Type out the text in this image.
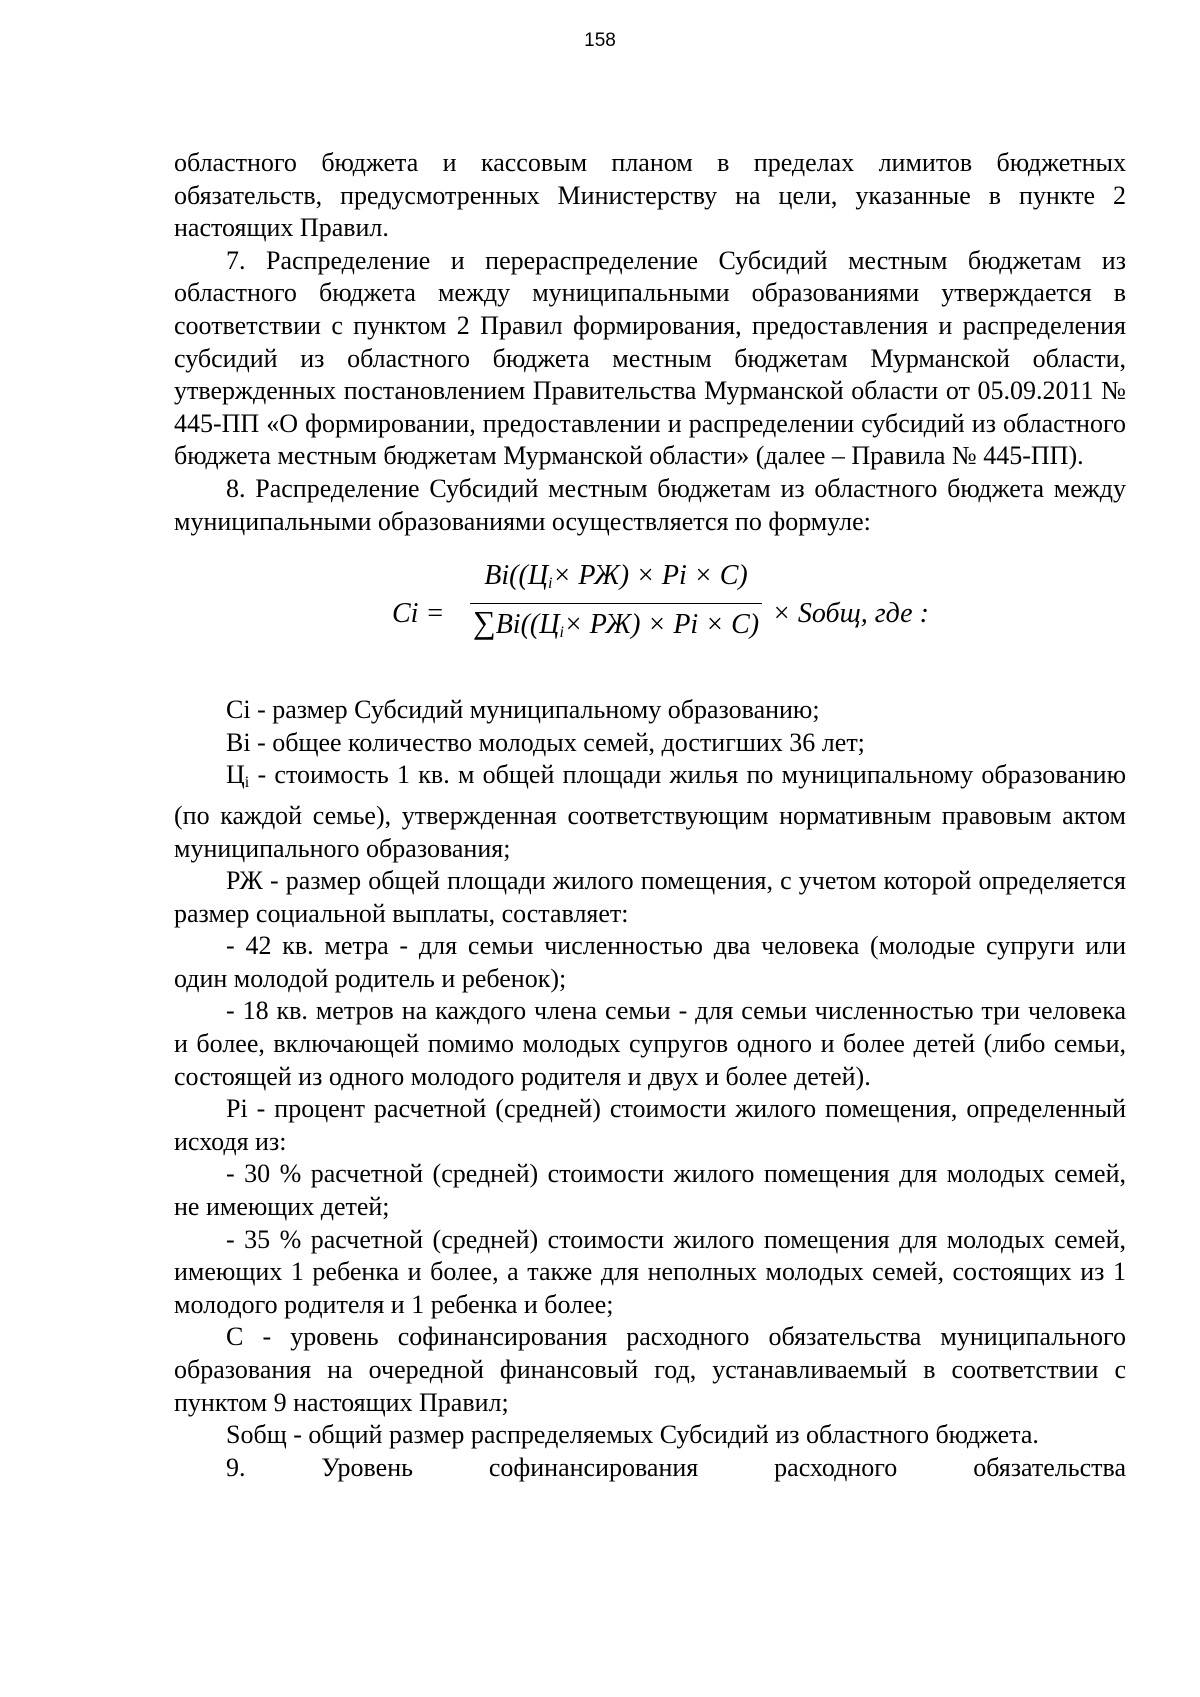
158

областного бюджета и кассовым планом в пределах лимитов бюджетных обязательств, предусмотренных Министерству на цели, указанные в пункте 2 настоящих Правил.

7. Распределение и перераспределение Субсидий местным бюджетам из областного бюджета между муниципальными образованиями утверждается в соответствии с пунктом 2 Правил формирования, предоставления и распределения субсидий из областного бюджета местным бюджетам Мурманской области, утвержденных постановлением Правительства Мурманской области от 05.09.2011 № 445-ПП «О формировании, предоставлении и распределении субсидий из областного бюджета местным бюджетам Мурманской области» (далее – Правила № 445-ПП).

8. Распределение Субсидий местным бюджетам из областного бюджета между муниципальными образованиями осуществляется по формуле:

Ci =
$Bi((Ц_i\times РЖ) \times Pi \times C)$
$\sum Bi((Ц_i\times РЖ) \times Pi \times C)$ × Sобщ, где :

Ci - размер Субсидий муниципальному образованию;

Bi - общее количество молодых семей, достигших 36 лет;

$Ц_i$ - стоимость 1 кв. м общей площади жилья по муниципальному образованию (по каждой семье), утвержденная соответствующим нормативным правовым актом муниципального образования;

РЖ - размер общей площади жилого помещения, с учетом которой определяется размер социальной выплаты, составляет:

- 42 кв. метра - для семьи численностью два человека (молодые супруги или один молодой родитель и ребенок);

- 18 кв. метров на каждого члена семьи - для семьи численностью три человека и более, включающей помимо молодых супругов одного и более детей (либо семьи, состоящей из одного молодого родителя и двух и более детей).

Pi - процент расчетной (средней) стоимости жилого помещения, определенный исходя из:

- 30 % расчетной (средней) стоимости жилого помещения для молодых семей, не имеющих детей;

- 35 % расчетной (средней) стоимости жилого помещения для молодых семей, имеющих 1 ребенка и более, а также для неполных молодых семей, состоящих из 1 молодого родителя и 1 ребенка и более;

C - уровень софинансирования расходного обязательства муниципального образования на очередной финансовый год, устанавливаемый в соответствии с пунктом 9 настоящих Правил;

Sобщ - общий размер распределяемых Субсидий из областного бюджета.

9. Уровень софинансирования расходного обязательства
